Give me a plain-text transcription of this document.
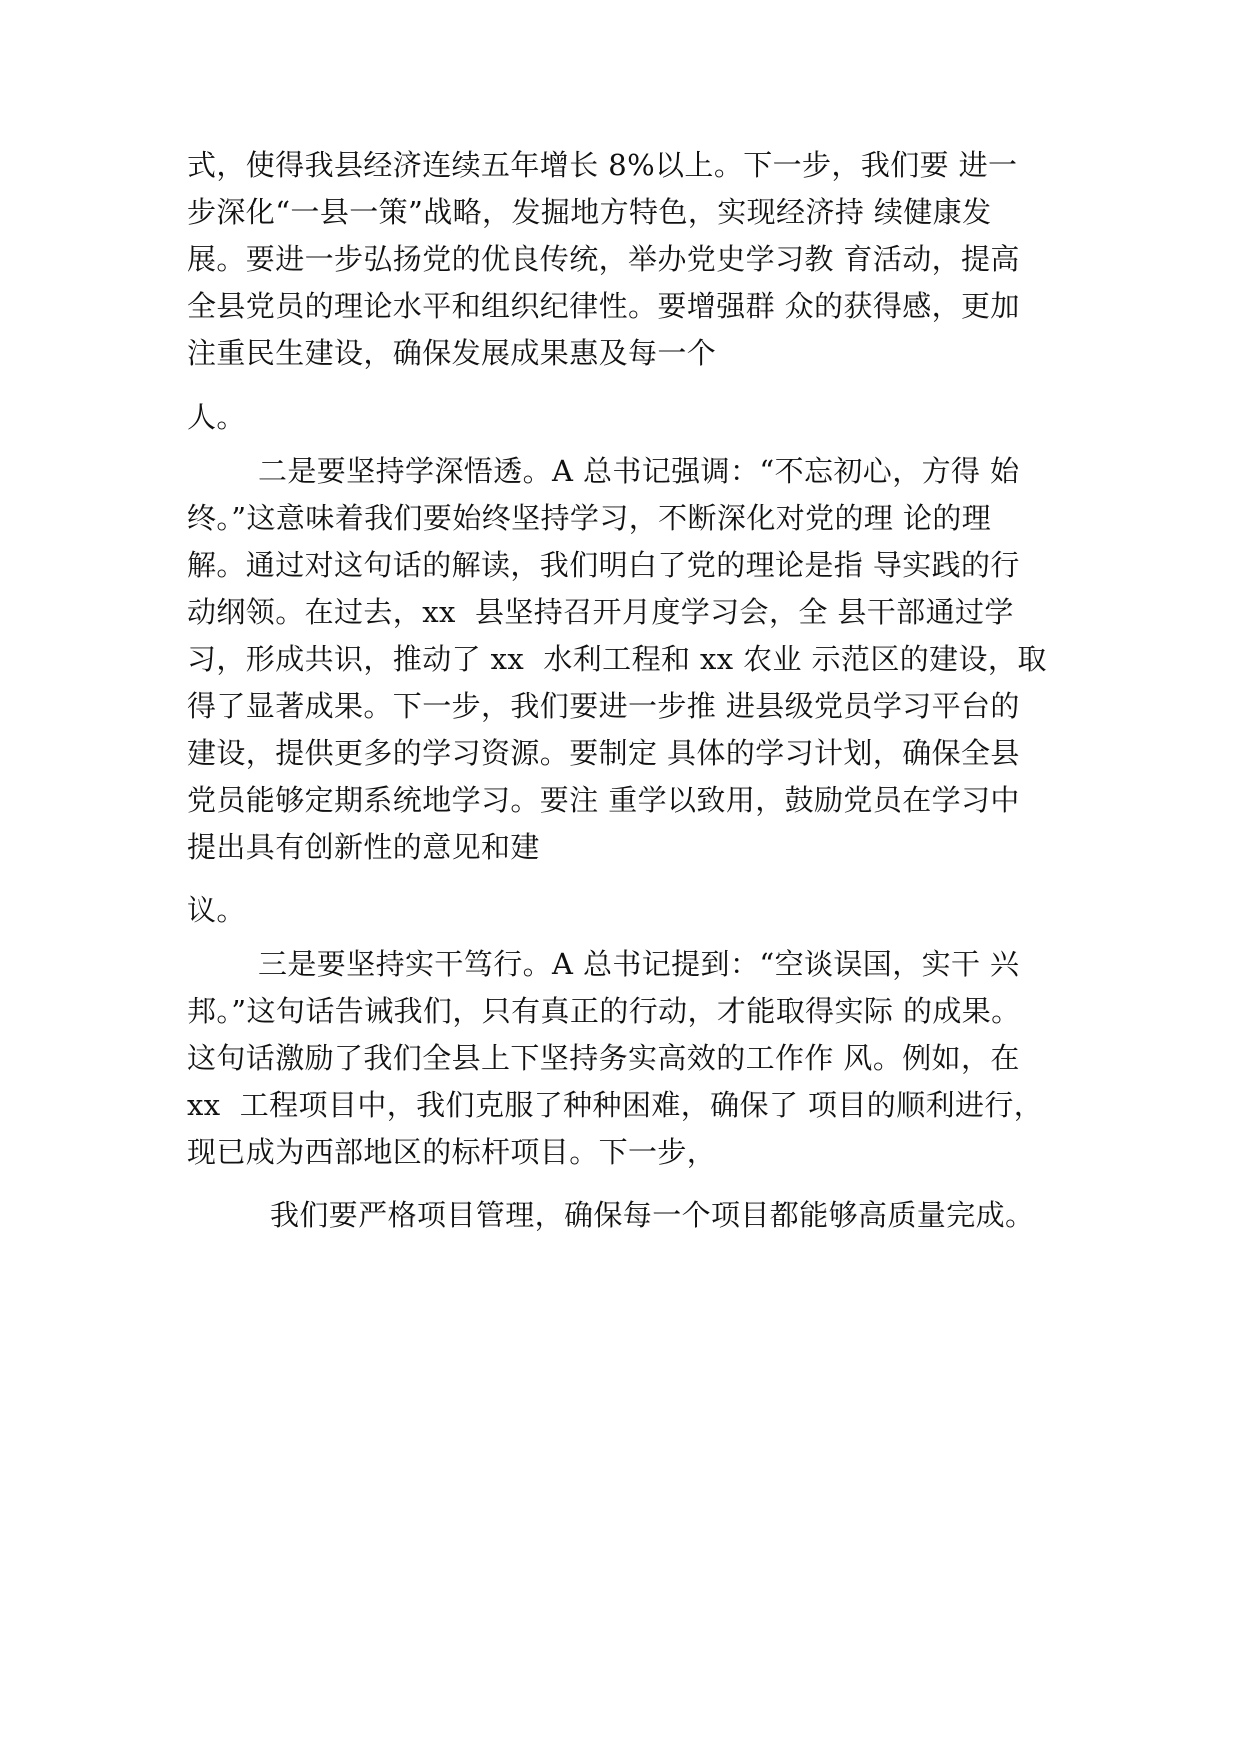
式，使得我县经济连续五年增长 8%以上。下一步，我们要 进一
步深化“一县一策”战略，发掘地方特色，实现经济持 续健康发
展。要进一步弘扬党的优良传统，举办党史学习教 育活动，提高
全县党员的理论水平和组织纪律性。要增强群 众的获得感，更加
注重民生建设，确保发展成果惠及每一个
人。
二是要坚持学深悟透。A 总书记强调：“不忘初心，方得 始
终。”这意味着我们要始终坚持学习，不断深化对党的理 论的理
解。通过对这句话的解读，我们明白了党的理论是指 导实践的行
动纲领。在过去，xx  县坚持召开月度学习会，全 县干部通过学
习，形成共识，推动了 xx  水利工程和 xx 农业 示范区的建设，取
得了显著成果。下一步，我们要进一步推 进县级党员学习平台的
建设，提供更多的学习资源。要制定 具体的学习计划，确保全县
党员能够定期系统地学习。要注 重学以致用，鼓励党员在学习中
提出具有创新性的意见和建
议。
三是要坚持实干笃行。A 总书记提到：“空谈误国，实干 兴
邦。”这句话告诫我们，只有真正的行动，才能取得实际 的成果。
这句话激励了我们全县上下坚持务实高效的工作作 风。例如，在
xx  工程项目中，我们克服了种种困难，确保了 项目的顺利进行，
现已成为西部地区的标杆项目。下一步，
我们要严格项目管理，确保每一个项目都能够高质量完成。
